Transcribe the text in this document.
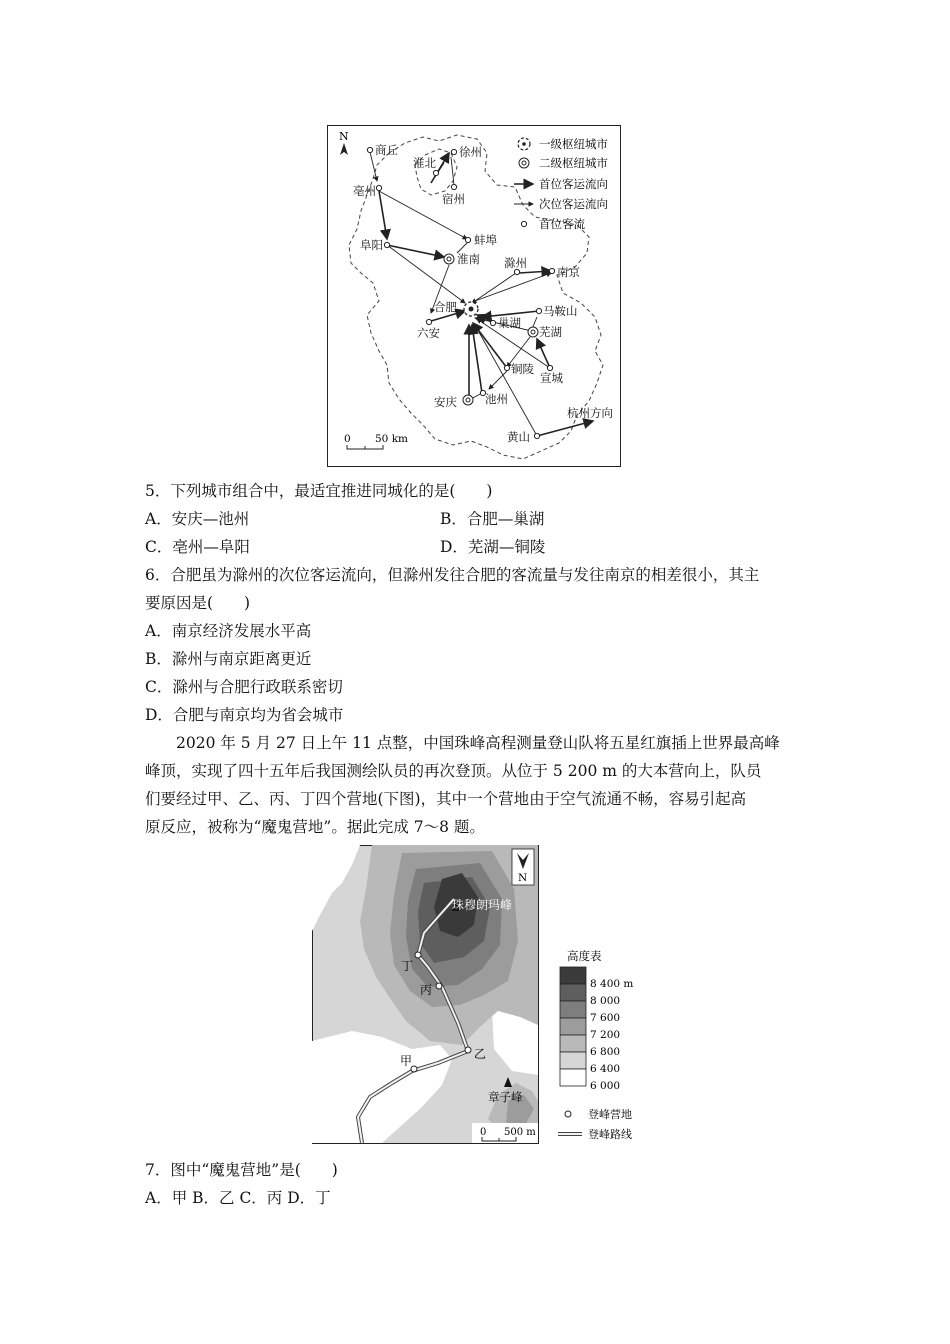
N
一级枢纽城市
二级枢纽城市
首位客运流向
次位客运流向
首位客流
商丘
淮北
徐州
宿州
亳州
阜阳	蚌埠
淮南 滁州
南京
合肥	马鞍山
六安
巢湖
芜湖
铜陵
宣城
安庆 池州
黄山
杭州方向
0 50 km
5．下列城市组合中，最适宜推进同城化的是(　　)
A．安庆—池州	B．合肥—巢湖
C．亳州—阜阳	D．芜湖—铜陵
6．合肥虽为滁州的次位客运流向，但滁州发往合肥的客流量与发往南京的相差很小，其主
要原因是(　　)
A．南京经济发展水平高
B．滁州与南京距离更近
C．滁州与合肥行政联系密切
D．合肥与南京均为省会城市
2020 年 5 月 27 日上午 11 点整，中国珠峰高程测量登山队将五星红旗插上世界最高峰
峰顶，实现了四十五年后我国测绘队员的再次登顶。从位于 5 200 m 的大本营向上，队员
们要经过甲、乙、丙、丁四个营地(下图)，其中一个营地由于空气流通不畅，容易引起高
原反应，被称为“魔鬼营地”。据此完成 7～8 题。
N
珠穆朗玛峰
章子峰
丁
丙
乙
甲
0 500 m
高度表
8 400 m
8 000
7 600
7 200
6 800
6 400
6 000
登峰营地
登峰路线
7．图中“魔鬼营地”是(　　)
A．甲 B．乙 C．丙 D．丁
